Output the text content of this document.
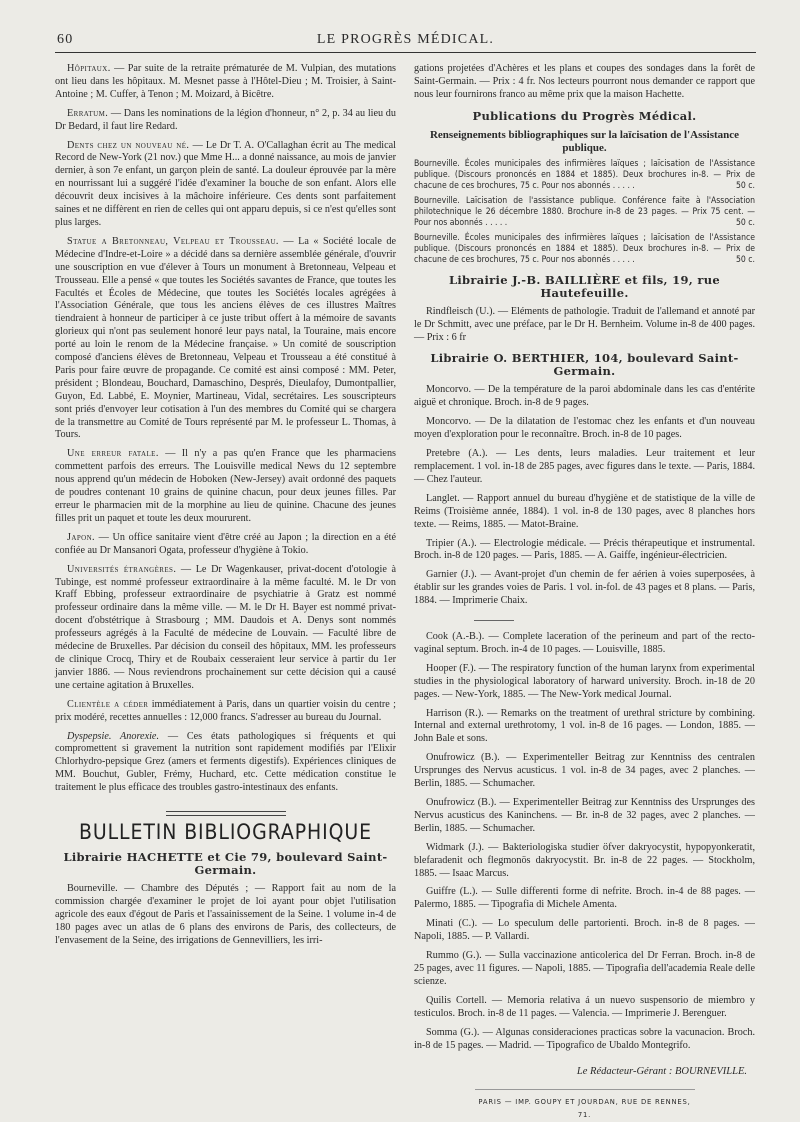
60	LE PROGRÈS MÉDICAL.

Hôpitaux. — Par suite de la retraite prématurée de M. Vulpian, des mutations ont lieu dans les hôpitaux. M. Mesnet passe à l'Hôtel-Dieu ; M. Troisier, à Saint-Antoine ; M. Cuffer, à Tenon ; M. Moizard, à Bicêtre.

Erratum. — Dans les nominations de la légion d'honneur, n° 2, p. 34 au lieu du Dr Bedard, il faut lire Redard.

Dents chez un nouveau né. — Le Dr T. A. O'Callaghan écrit au The medical Record de New-York (21 nov.) que Mme H... a donné naissance, au mois de janvier dernier, à son 7e enfant, un garçon plein de santé. La douleur éprouvée par la mère en nourrissant lui a suggéré l'idée d'examiner la bouche de son enfant. Alors elle découvrit deux incisives à la mâchoire inférieure. Ces dents sont parfaitement saines et ne diffèrent en rien de celles qui ont apparu depuis, si ce n'est qu'elles sont plus larges.

Statue a Bretonneau, Velpeau et Trousseau. — La « Société locale de Médecine d'Indre-et-Loire » a décidé dans sa dernière assemblée générale, d'ouvrir une souscription en vue d'élever à Tours un monument à Bretonneau, Velpeau et Trousseau. Elle a pensé « que toutes les Sociétés savantes de France, que toutes les Facultés et Écoles de Médecine, que toutes les Sociétés locales agrégées à l'Association Générale, que tous les anciens élèves de ces illustres Maîtres tiendraient à honneur de participer à ce juste tribut offert à la mémoire de savants glorieux qui n'ont pas seulement honoré leur pays natal, la Touraine, mais encore porté au loin le renom de la Médecine française. » Un comité de souscription composé d'anciens élèves de Bretonneau, Velpeau et Trousseau a été constitué à Paris pour faire œuvre de propagande. Ce comité est ainsi composé : MM. Peter, président ; Blondeau, Bouchard, Damaschino, Després, Dieulafoy, Dumontpallier, Guyon, Ed. Labbé, E. Moynier, Martineau, Vidal, secrétaires. Les souscripteurs sont priés d'envoyer leur cotisation à l'un des membres du Comité qui se chargera de la transmettre au Comité de Tours représenté par M. le professeur L. Thomas, à Tours.

Une erreur fatale. — Il n'y a pas qu'en France que les pharmaciens commettent parfois des erreurs. The Louisville medical News du 12 septembre nous apprend qu'un médecin de Hoboken (New-Jersey) avait ordonné des paquets de poudres contenant 10 grains de quinine chacun, pour deux jeunes filles. Par erreur le pharmacien mit de la morphine au lieu de quinine. Chacune des jeunes filles prit un paquet et toute les deux moururent.

Japon. — Un office sanitaire vient d'être créé au Japon ; la direction en a été confiée au Dr Mansanori Ogata, professeur d'hygiène à Tokio.

Universités étrangères. — Le Dr Wagenkauser, privat-docent d'otologie à Tubinge, est nommé professeur extraordinaire à la même faculté. M. le Dr von Kraff Ebbing, professeur extraordinaire de psychiatrie à Gratz est nommé professeur ordinaire dans la même ville. — M. le Dr H. Bayer est nommé privat-docent d'obstétrique à Strasbourg ; MM. Daudois et A. Denys sont nommés professeurs agrégés à la Faculté de médecine de Louvain. — Faculté libre de médecine de Bruxelles. Par décision du conseil des hôpitaux, MM. les professeurs de clinique Crocq, Thiry et de Roubaix cesseraient leur service à partir du 1er janvier 1886. — Nous reviendrons prochainement sur cette décision qui a causé une certaine agitation à Bruxelles.

Clientèle a céder immédiatement à Paris, dans un quartier voisin du centre ; prix modéré, recettes annuelles : 12,000 francs. S'adresser au bureau du Journal.

Dyspepsie. Anorexie. — Ces états pathologiques si fréquents et qui compromettent si gravement la nutrition sont rapidement modifiés par l'Elixir Chlorhydro-pepsique Grez (amers et ferments digestifs). Expériences cliniques de MM. Bouchut, Gubler, Frémy, Huchard, etc. Cette médication constitue le traitement le plus efficace des troubles gastro-intestinaux des enfants.

BULLETIN BIBLIOGRAPHIQUE
Librairie HACHETTE et Cie 79, boulevard Saint-Germain.

Bourneville. — Chambre des Députés ; — Rapport fait au nom de la commission chargée d'examiner le projet de loi ayant pour objet l'utilisation agricole des eaux d'égout de Paris et l'assainissement de la Seine. 1 volume in-4 de 180 pages avec un atlas de 6 plans des environs de Paris, des collecteurs, de l'envasement de la Seine, des irrigations de Gennevilliers, les irri-

gations projetées d'Achères et les plans et coupes des sondages dans la forêt de Saint-Germain. — Prix : 4 fr. Nos lecteurs pourront nous demander ce rapport que nous leur fournirons franco au même prix que la maison Hachette.

Publications du Progrès Médical.
Renseignements bibliographiques sur la laïcisation de l'Assistance publique.
Bourneville. Écoles municipales des infirmières laïques ; laïcisation de l'Assistance publique. (Discours prononcés en 1884 et 1885). Deux brochures in-8. — Prix de chacune de ces brochures, 75 c. Pour nos abonnés . . . . .	50 c.
Bourneville. Laïcisation de l'assistance publique. Conférence faite à l'Association philotechnique le 26 décembre 1880. Brochure in-8 de 23 pages. — Prix 75 cent. — Pour nos abonnés . . . . .	50 c.
Bourneville. Écoles municipales des infirmières laïques ; laïcisation de l'Assistance publique. (Discours prononcés en 1884 et 1885). Deux brochures in-8. — Prix de chacune de ces brochures, 75 c. Pour nos abonnés . . . . .	50 c.
Librairie J.-B. BAILLIÈRE et fils, 19, rue Hautefeuille.

Rindfleisch (U.). — Eléments de pathologie. Traduit de l'allemand et annoté par le Dr Schmitt, avec une préface, par le Dr H. Bernheim. Volume in-8 de 400 pages. — Prix : 6 fr

Librairie O. BERTHIER, 104, boulevard Saint-Germain.

Moncorvo. — De la température de la paroi abdominale dans les cas d'entérite aiguë et chronique. Broch. in-8 de 9 pages.

Moncorvo. — De la dilatation de l'estomac chez les enfants et d'un nouveau moyen d'exploration pour le reconnaître. Broch. in-8 de 10 pages.

Pretebre (A.). — Les dents, leurs maladies. Leur traitement et leur remplacement. 1 vol. in-18 de 285 pages, avec figures dans le texte. — Paris, 1884. — Chez l'auteur.

Langlet. — Rapport annuel du bureau d'hygiène et de statistique de la ville de Reims (Troisième année, 1884). 1 vol. in-8 de 130 pages, avec 8 planches hors texte. — Reims, 1885. — Matot-Braine.

Tripier (A.). — Electrologie médicale. — Précis thérapeutique et instrumental. Broch. in-8 de 120 pages. — Paris, 1885. — A. Gaiffe, ingénieur-électricien.

Garnier (J.). — Avant-projet d'un chemin de fer aérien à voies superposées, à établir sur les grandes voies de Paris. 1 vol. in-fol. de 43 pages et 8 plans. — Paris, 1884. — Imprimerie Chaix.

Cook (A.-B.). — Complete laceration of the perineum and part of the recto-vaginal septum. Broch. in-4 de 10 pages. — Louisville, 1885.

Hooper (F.). — The respiratory function of the human larynx from experimental studies in the physiological laboratory of harward university. Broch. in-18 de 20 pages. — New-York, 1885. — The New-York medical Journal.

Harrison (R.). — Remarks on the treatment of urethral stricture by combining. Internal and external urethrotomy, 1 vol. in-8 de 16 pages. — London, 1885. — John Bale et sons.

Onufrowicz (B.). — Experimenteller Beitrag zur Kenntniss des centralen Ursprunges des Nervus acusticus. 1 vol. in-8 de 34 pages, avec 2 planches. — Berlin, 1885. — Schumacher.

Onufrowicz (B.). — Experimenteller Beitrag zur Kenntniss des Ursprunges des Nervus acusticus des Kaninchens. — Br. in-8 de 32 pages, avec 2 planches. — Berlin, 1885. — Schumacher.

Widmark (J.). — Bakteriologiska studier öfver dakryocystit, hypopyonkeratit, blefaradenit och flegmonös dakryocystit. Br. in-8 de 22 pages. — Stockholm, 1885. — Isaac Marcus.

Guiffre (L.). — Sulle differenti forme di nefrite. Broch. in-4 de 88 pages. — Palermo, 1885. — Tipografia di Michele Amenta.

Minati (C.). — Lo speculum delle partorienti. Broch. in-8 de 8 pages. — Napoli, 1885. — P. Vallardi.

Rummo (G.). — Sulla vaccinazione anticolerica del Dr Ferran. Broch. in-8 de 25 pages, avec 11 figures. — Napoli, 1885. — Tipografia dell'academia Reale delle scienze.

Quilis Cortell. — Memoria relativa á un nuevo suspensorio de miembro y testiculos. Broch. in-8 de 11 pages. — Valencia. — Imprimerie J. Berenguer.

Somma (G.). — Algunas consideraciones practicas sobre la vacunacion. Broch. in-8 de 15 pages. — Madrid. — Tipografico de Ubaldo Montegrifo.

Le Rédacteur-Gérant : BOURNEVILLE.
PARIS — IMP. GOUPY ET JOURDAN, RUE DE RENNES, 71.
